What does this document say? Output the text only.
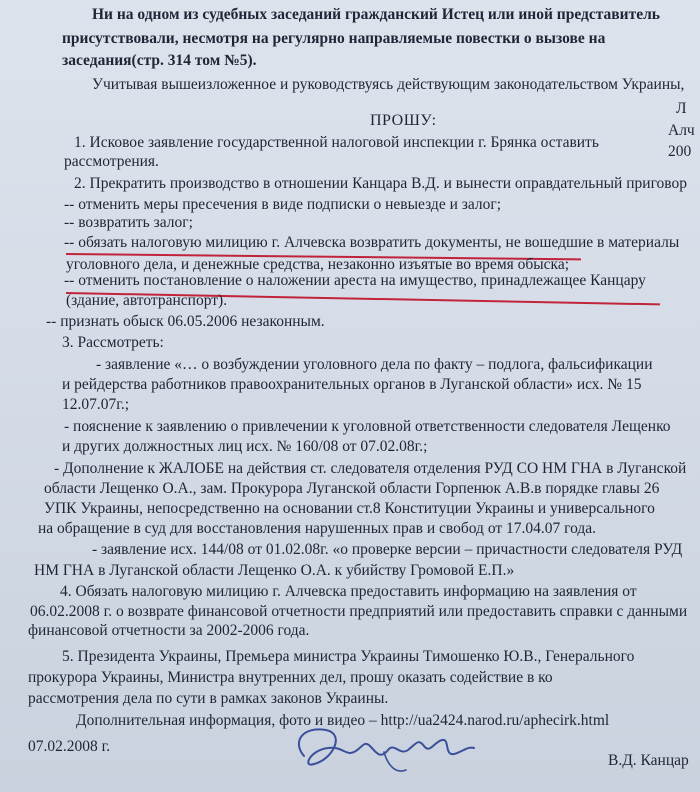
Ни на одном из судебных заседаний гражданский Истец или иной представитель
присутствовали, несмотря на регулярно направляемые повестки о вызове на
заседания(стр. 314 том №5).
Учитывая вышеизложенное и руководствуясь действующим законодательством Украины,
Л
Алч
200
ПРОШУ:
1. Исковое заявление государственной налоговой инспекции г. Брянка оставить
рассмотрения.
2. Прекратить производство в отношении Канцара В.Д. и вынести оправдательный приговор
-- отменить меры пресечения в виде подписки о невыезде и залог;
-- возвратить залог;
-- обязать налоговую милицию г. Алчевска возвратить документы, не вошедшие в материалы
уголовного дела, и денежные средства, незаконно изъятые во время обыска;
-- отменить постановление о наложении ареста на имущество, принадлежащее Канцару
(здание, автотранспорт).
-- признать обыск 06.05.2006 незаконным.
3. Рассмотреть:
- заявление «… о возбуждении уголовного дела по факту – подлога, фальсификации
и рейдерства работников правоохранительных органов в Луганской области» исх. № 15
12.07.07г.;
- пояснение к заявлению о привлечении к уголовной ответственности следователя Лещенко
и других должностных лиц исх. № 160/08 от 07.02.08г.;
- Дополнение к ЖАЛОБЕ на действия ст. следователя отделения РУД СО НМ ГНА в Луганской
области Лещенко О.А., зам. Прокурора Луганской области Горпенюк А.В.в порядке главы 26
УПК Украины, непосредственно на основании ст.8 Конституции Украины и универсального
на обращение в суд для восстановления нарушенных прав и свобод от 17.04.07 года.
- заявление исх. 144/08 от 01.02.08г. «о проверке версии – причастности следователя РУД
НМ ГНА в Луганской области Лещенко О.А. к убийству Громовой Е.П.»
4. Обязать налоговую милицию г. Алчевска предоставить информацию на заявления от
06.02.2008 г. о возврате финансовой отчетности предприятий или предоставить справки с данными
финансовой отчетности за 2002-2006 года.
5. Президента Украины, Премьера министра Украины Тимошенко Ю.В., Генерального
прокурора Украины, Министра внутренних дел, прошу оказать содействие в ко
рассмотрения дела по сути в рамках законов Украины.
Дополнительная информация, фото и видео – http://ua2424.narod.ru/aphecirk.html
07.02.2008 г.
В.Д. Канцар
